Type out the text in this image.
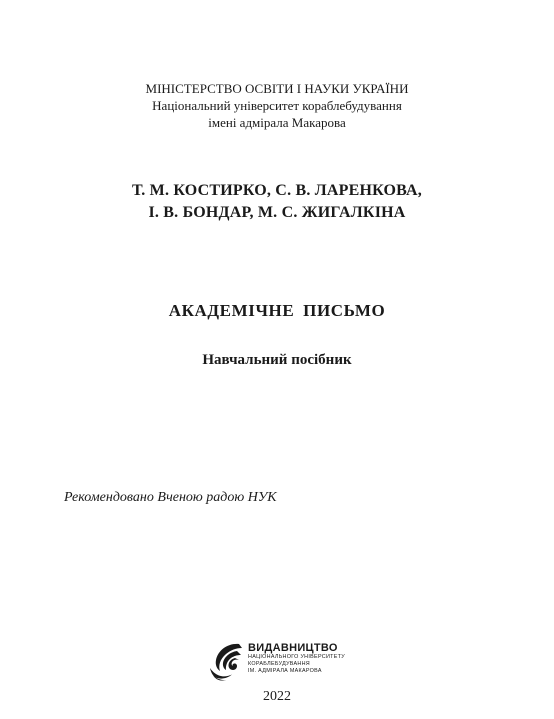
МІНІСТЕРСТВО ОСВІТИ І НАУКИ УКРАЇНИ
Національний університет кораблебудування
імені адмірала Макарова
Т. М. КОСТИРКО, С. В. ЛАРЕНКОВА,
І. В. БОНДАР, М. С. ЖИГАЛКІНА
АКАДЕМІЧНЕ ПИСЬМО
Навчальний посібник
Рекомендовано Вченою радою НУК
ВИДАВНИЦТВО
НАЦІОНАЛЬНОГО УНІВЕРСИТЕТУ
КОРАБЛЕБУДУВАННЯ
ІМ. АДМІРАЛА МАКАРОВА
2022
